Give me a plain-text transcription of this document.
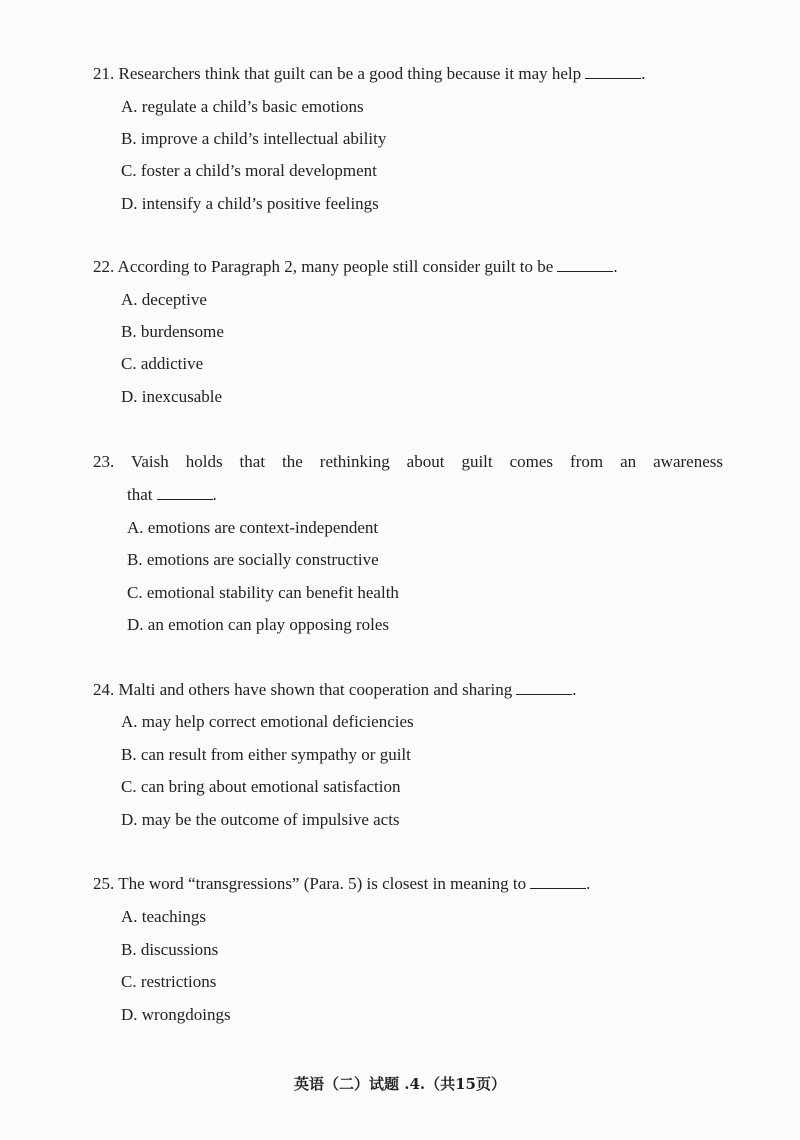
21. Researchers think that guilt can be a good thing because it may help	.
A. regulate a child’s basic emotions
B. improve a child’s intellectual ability
C. foster a child’s moral development
D. intensify a child’s positive feelings
22. According to Paragraph 2, many people still consider guilt to be	.
A. deceptive
B. burdensome
C. addictive
D. inexcusable
23. Vaish holds that the rethinking about guilt comes from an awareness
that	.
A. emotions are context-independent
B. emotions are socially constructive
C. emotional stability can benefit health
D. an emotion can play opposing roles
24. Malti and others have shown that cooperation and sharing	.
A. may help correct emotional deficiencies
B. can result from either sympathy or guilt
C. can bring about emotional satisfaction
D. may be the outcome of impulsive acts
25. The word “transgressions” (Para. 5) is closest in meaning to	.
A. teachings
B. discussions
C. restrictions
D. wrongdoings
英语（二）试题 .4.（共15页）
